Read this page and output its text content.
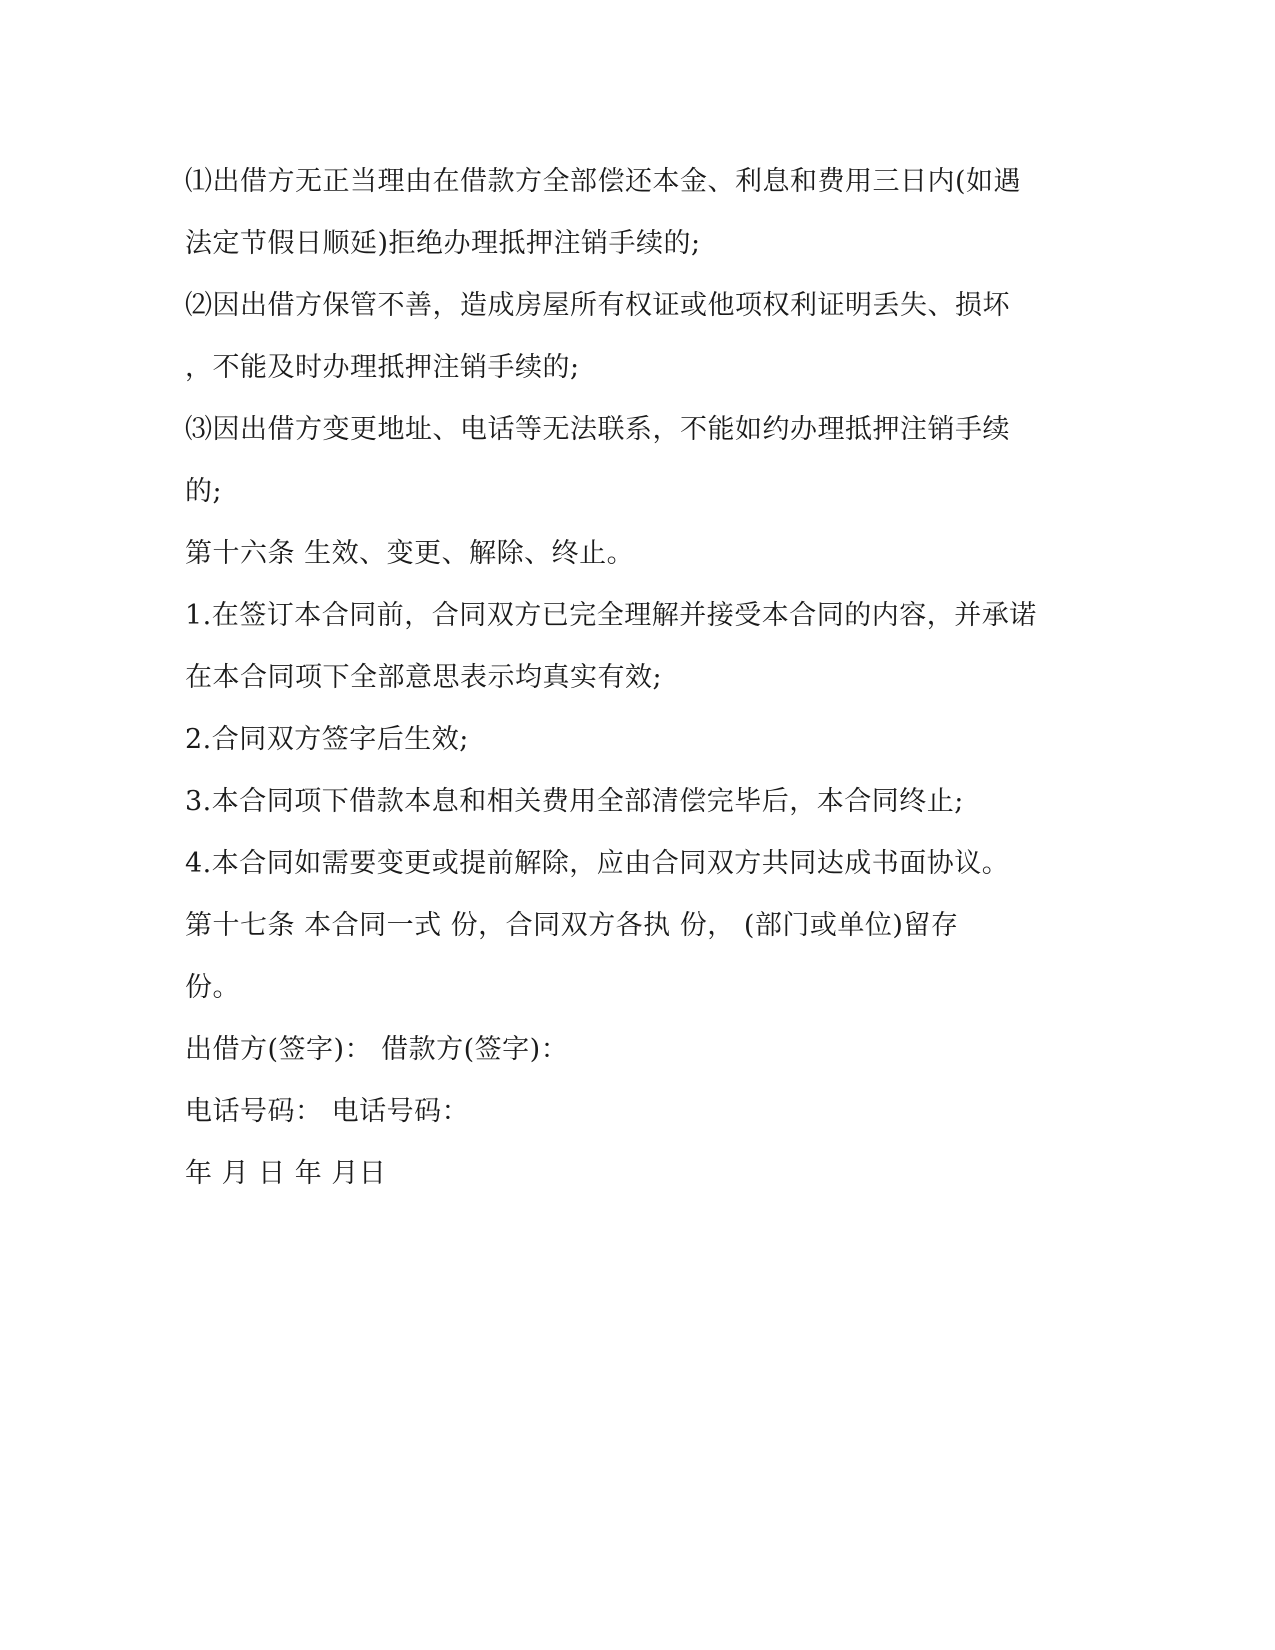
⑴出借方无正当理由在借款方全部偿还本金、利息和费用三日内(如遇
法定节假日顺延)拒绝办理抵押注销手续的;
⑵因出借方保管不善，造成房屋所有权证或他项权利证明丢失、损坏
，不能及时办理抵押注销手续的;
⑶因出借方变更地址、电话等无法联系，不能如约办理抵押注销手续
的;
第十六条 生效、变更、解除、终止。
1.在签订本合同前，合同双方已完全理解并接受本合同的内容，并承诺
在本合同项下全部意思表示均真实有效;
2.合同双方签字后生效;
3.本合同项下借款本息和相关费用全部清偿完毕后，本合同终止;
4.本合同如需要变更或提前解除，应由合同双方共同达成书面协议。
第十七条 本合同一式 份，合同双方各执 份， (部门或单位)留存
份。
出借方(签字)： 借款方(签字)：
电话号码： 电话号码：
年 月 日 年 月日
